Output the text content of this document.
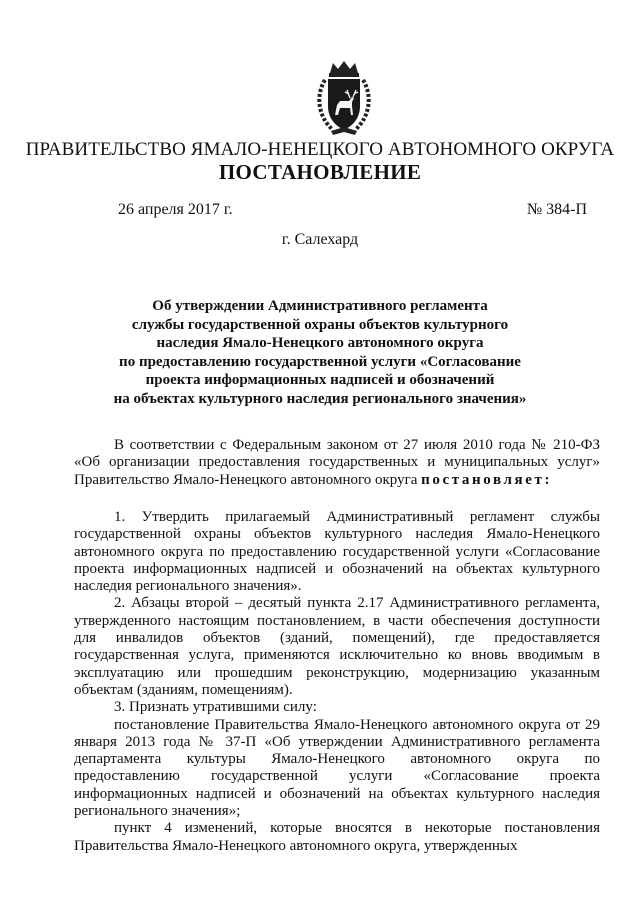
ПРАВИТЕЛЬСТВО ЯМАЛО-НЕНЕЦКОГО АВТОНОМНОГО ОКРУГА
ПОСТАНОВЛЕНИЕ
26 апреля 2017 г.	№ 384-П
г. Салехард
Об утверждении Административного регламента
службы государственной охраны объектов культурного
наследия Ямало-Ненецкого автономного округа
по предоставлению государственной услуги «Согласование
проекта информационных надписей и обозначений
на объектах культурного наследия регионального значения»

В соответствии с Федеральным законом от 27 июля 2010 года № 210-ФЗ «Об организации предоставления государственных и муниципальных услуг» Правительство Ямало-Ненецкого автономного округа постановляет:

1. Утвердить прилагаемый Административный регламент службы государственной охраны объектов культурного наследия Ямало-Ненецкого автономного округа по предоставлению государственной услуги «Согласование проекта информационных надписей и обозначений на объектах культурного наследия регионального значения».

2. Абзацы второй – десятый пункта 2.17 Административного регламента, утвержденного настоящим постановлением, в части обеспечения доступности для инвалидов объектов (зданий, помещений), где предоставляется государственная услуга, применяются исключительно ко вновь вводимым в эксплуатацию или прошедшим реконструкцию, модернизацию указанным объектам (зданиям, помещениям).

3. Признать утратившими силу:

постановление Правительства Ямало-Ненецкого автономного округа от 29 января 2013 года № 37-П «Об утверждении Административного регламента департамента культуры Ямало-Ненецкого автономного округа по предоставлению государственной услуги «Согласование проекта информационных надписей и обозначений на объектах культурного наследия регионального значения»;

пункт 4 изменений, которые вносятся в некоторые постановления Правительства Ямало-Ненецкого автономного округа, утвержденных
